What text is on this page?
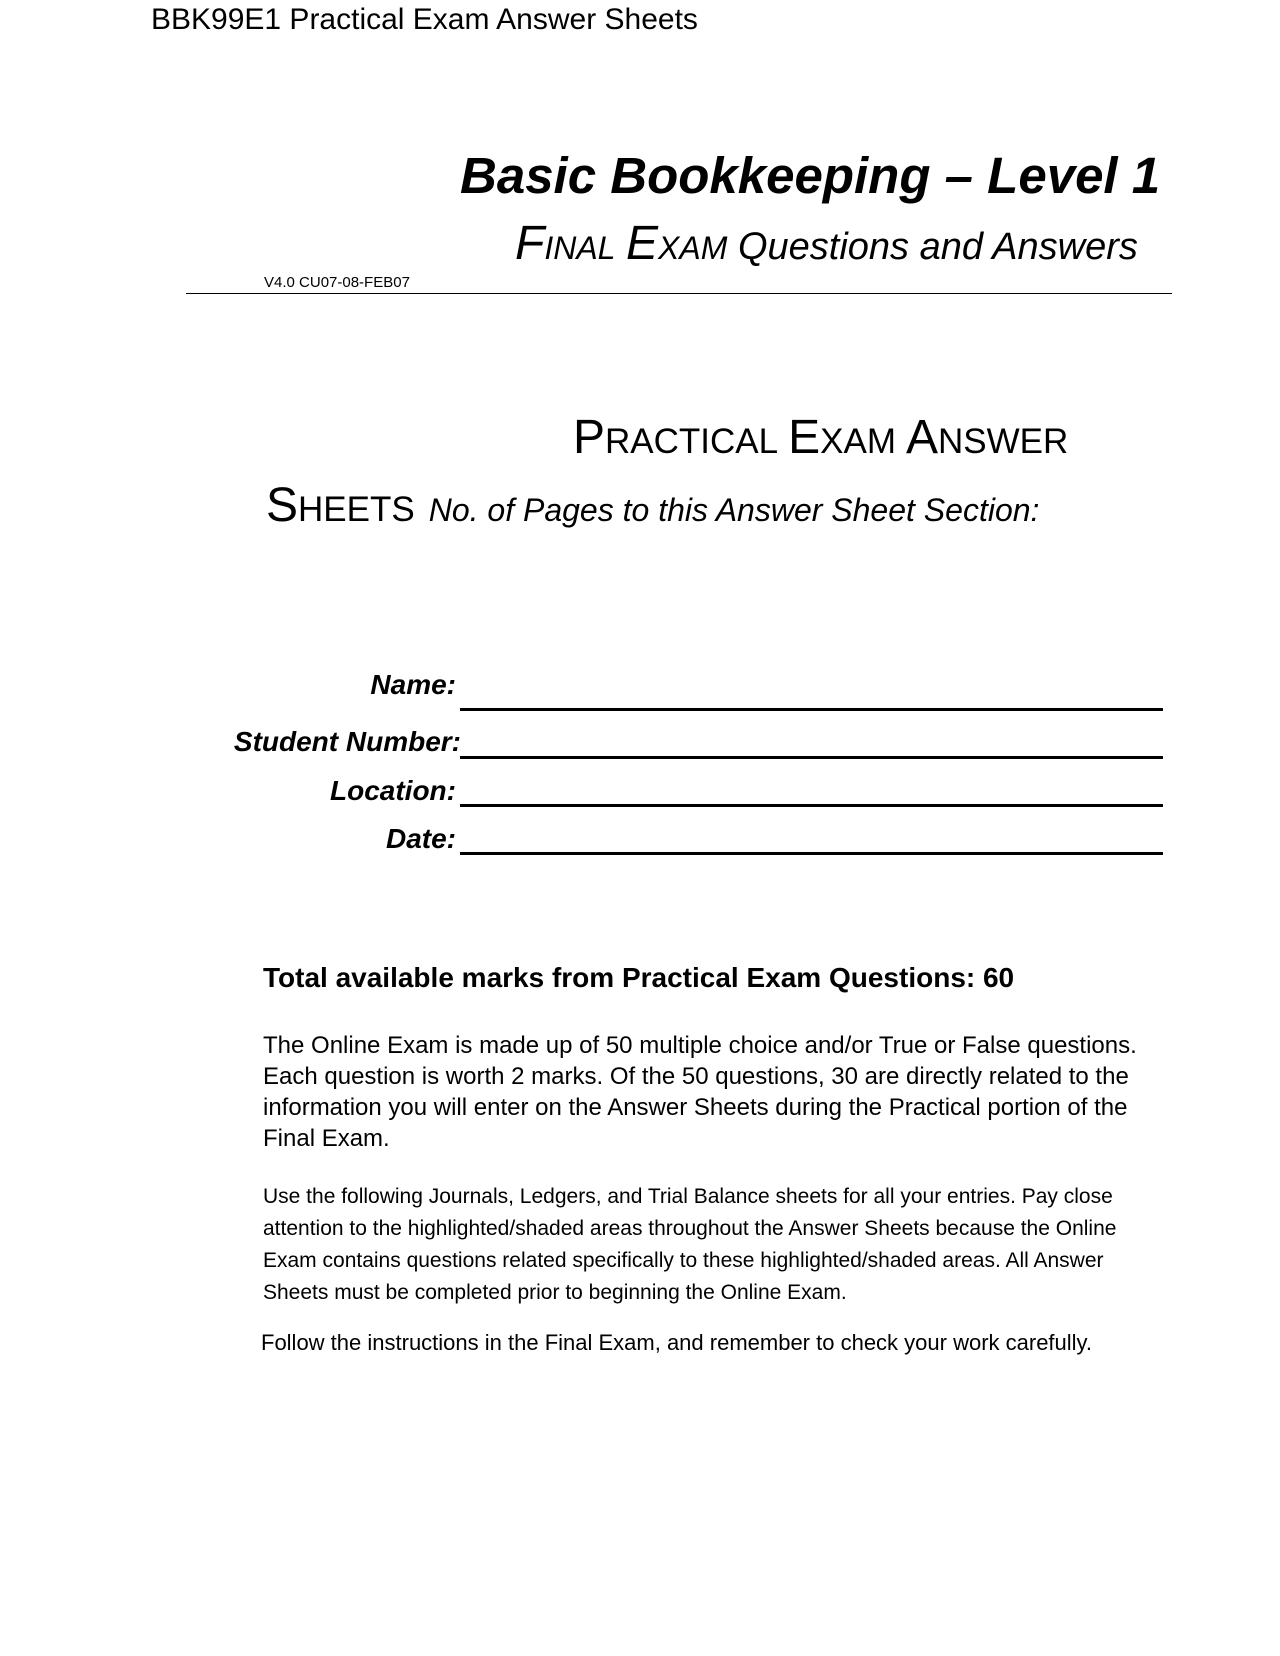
BBK99E1 Practical Exam Answer Sheets
Basic Bookkeeping – Level 1
FINAL EXAM Questions and Answers
V4.0 CU07-08-FEB07
PRACTICAL EXAM ANSWER
SHEETS No. of Pages to this Answer Sheet Section:
Name:
Student Number:
Location:
Date:
Total available marks from Practical Exam Questions: 60
The Online Exam is made up of 50 multiple choice and/or True or False questions. Each question is worth 2 marks. Of the 50 questions, 30 are directly related to the information you will enter on the Answer Sheets during the Practical portion of the Final Exam.
Use the following Journals, Ledgers, and Trial Balance sheets for all your entries. Pay close attention to the highlighted/shaded areas throughout the Answer Sheets because the Online Exam contains questions related specifically to these highlighted/shaded areas. All Answer Sheets must be completed prior to beginning the Online Exam.
Follow the instructions in the Final Exam, and remember to check your work carefully.
